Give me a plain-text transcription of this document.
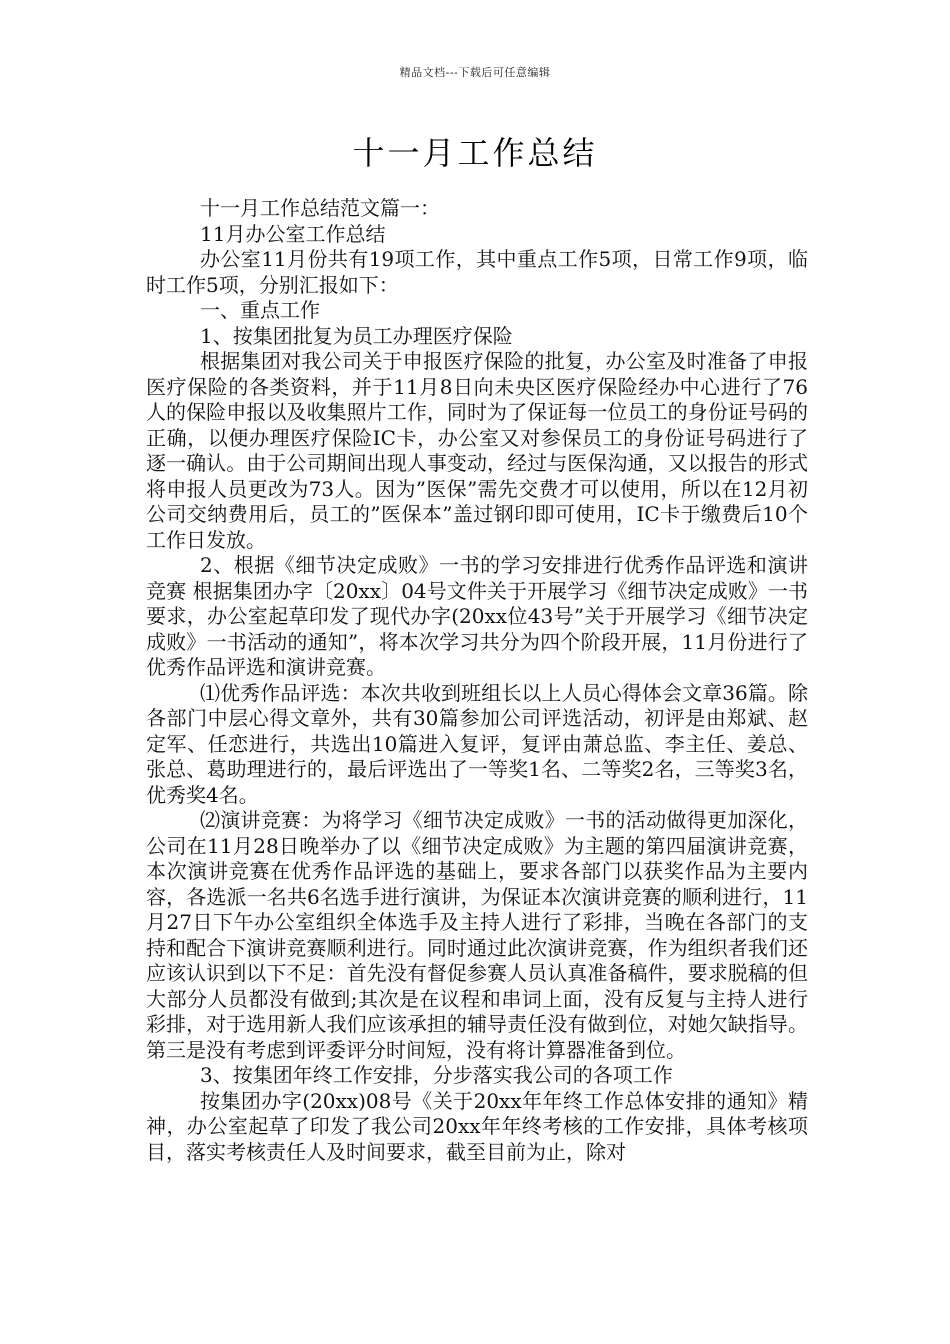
精品文档---下载后可任意编辑
十一月工作总结

十一月工作总结范文篇一：

11月办公室工作总结

办公室11月份共有19项工作，其中重点工作5项，日常工作9项，临时工作5项，分别汇报如下：

一、重点工作

1、按集团批复为员工办理医疗保险

根据集团对我公司关于申报医疗保险的批复，办公室及时准备了申报医疗保险的各类资料，并于11月8日向未央区医疗保险经办中心进行了76人的保险申报以及收集照片工作，同时为了保证每一位员工的身份证号码的正确，以便办理医疗保险IC卡，办公室又对参保员工的身份证号码进行了逐一确认。由于公司期间出现人事变动，经过与医保沟通，又以报告的形式将申报人员更改为73人。因为”医保”需先交费才可以使用，所以在12月初公司交纳费用后，员工的”医保本”盖过钢印即可使用，IC卡于缴费后10个工作日发放。

2、根据《细节决定成败》一书的学习安排进行优秀作品评选和演讲竞赛 根据集团办字〔20xx〕04号文件关于开展学习《细节决定成败》一书要求，办公室起草印发了现代办字(20xx位43号”关于开展学习《细节决定成败》一书活动的通知”，将本次学习共分为四个阶段开展，11月份进行了优秀作品评选和演讲竞赛。

⑴优秀作品评选：本次共收到班组长以上人员心得体会文章36篇。除各部门中层心得文章外，共有30篇参加公司评选活动，初评是由郑斌、赵定军、任恋进行，共选出10篇进入复评，复评由萧总监、李主任、姜总、张总、葛助理进行的，最后评选出了一等奖1名、二等奖2名，三等奖3名，优秀奖4名。

⑵演讲竞赛：为将学习《细节决定成败》一书的活动做得更加深化，公司在11月28日晚举办了以《细节决定成败》为主题的第四届演讲竞赛，本次演讲竞赛在优秀作品评选的基础上，要求各部门以获奖作品为主要内容，各选派一名共6名选手进行演讲，为保证本次演讲竞赛的顺利进行，11月27日下午办公室组织全体选手及主持人进行了彩排，当晚在各部门的支持和配合下演讲竞赛顺利进行。同时通过此次演讲竞赛，作为组织者我们还应该认识到以下不足：首先没有督促参赛人员认真准备稿件，要求脱稿的但大部分人员都没有做到;其次是在议程和串词上面，没有反复与主持人进行彩排，对于选用新人我们应该承担的辅导责任没有做到位，对她欠缺指导。第三是没有考虑到评委评分时间短，没有将计算器准备到位。

3、按集团年终工作安排，分步落实我公司的各项工作

按集团办字(20xx)08号《关于20xx年年终工作总体安排的通知》精神，办公室起草了印发了我公司20xx年年终考核的工作安排，具体考核项目，落实考核责任人及时间要求，截至目前为止，除对
